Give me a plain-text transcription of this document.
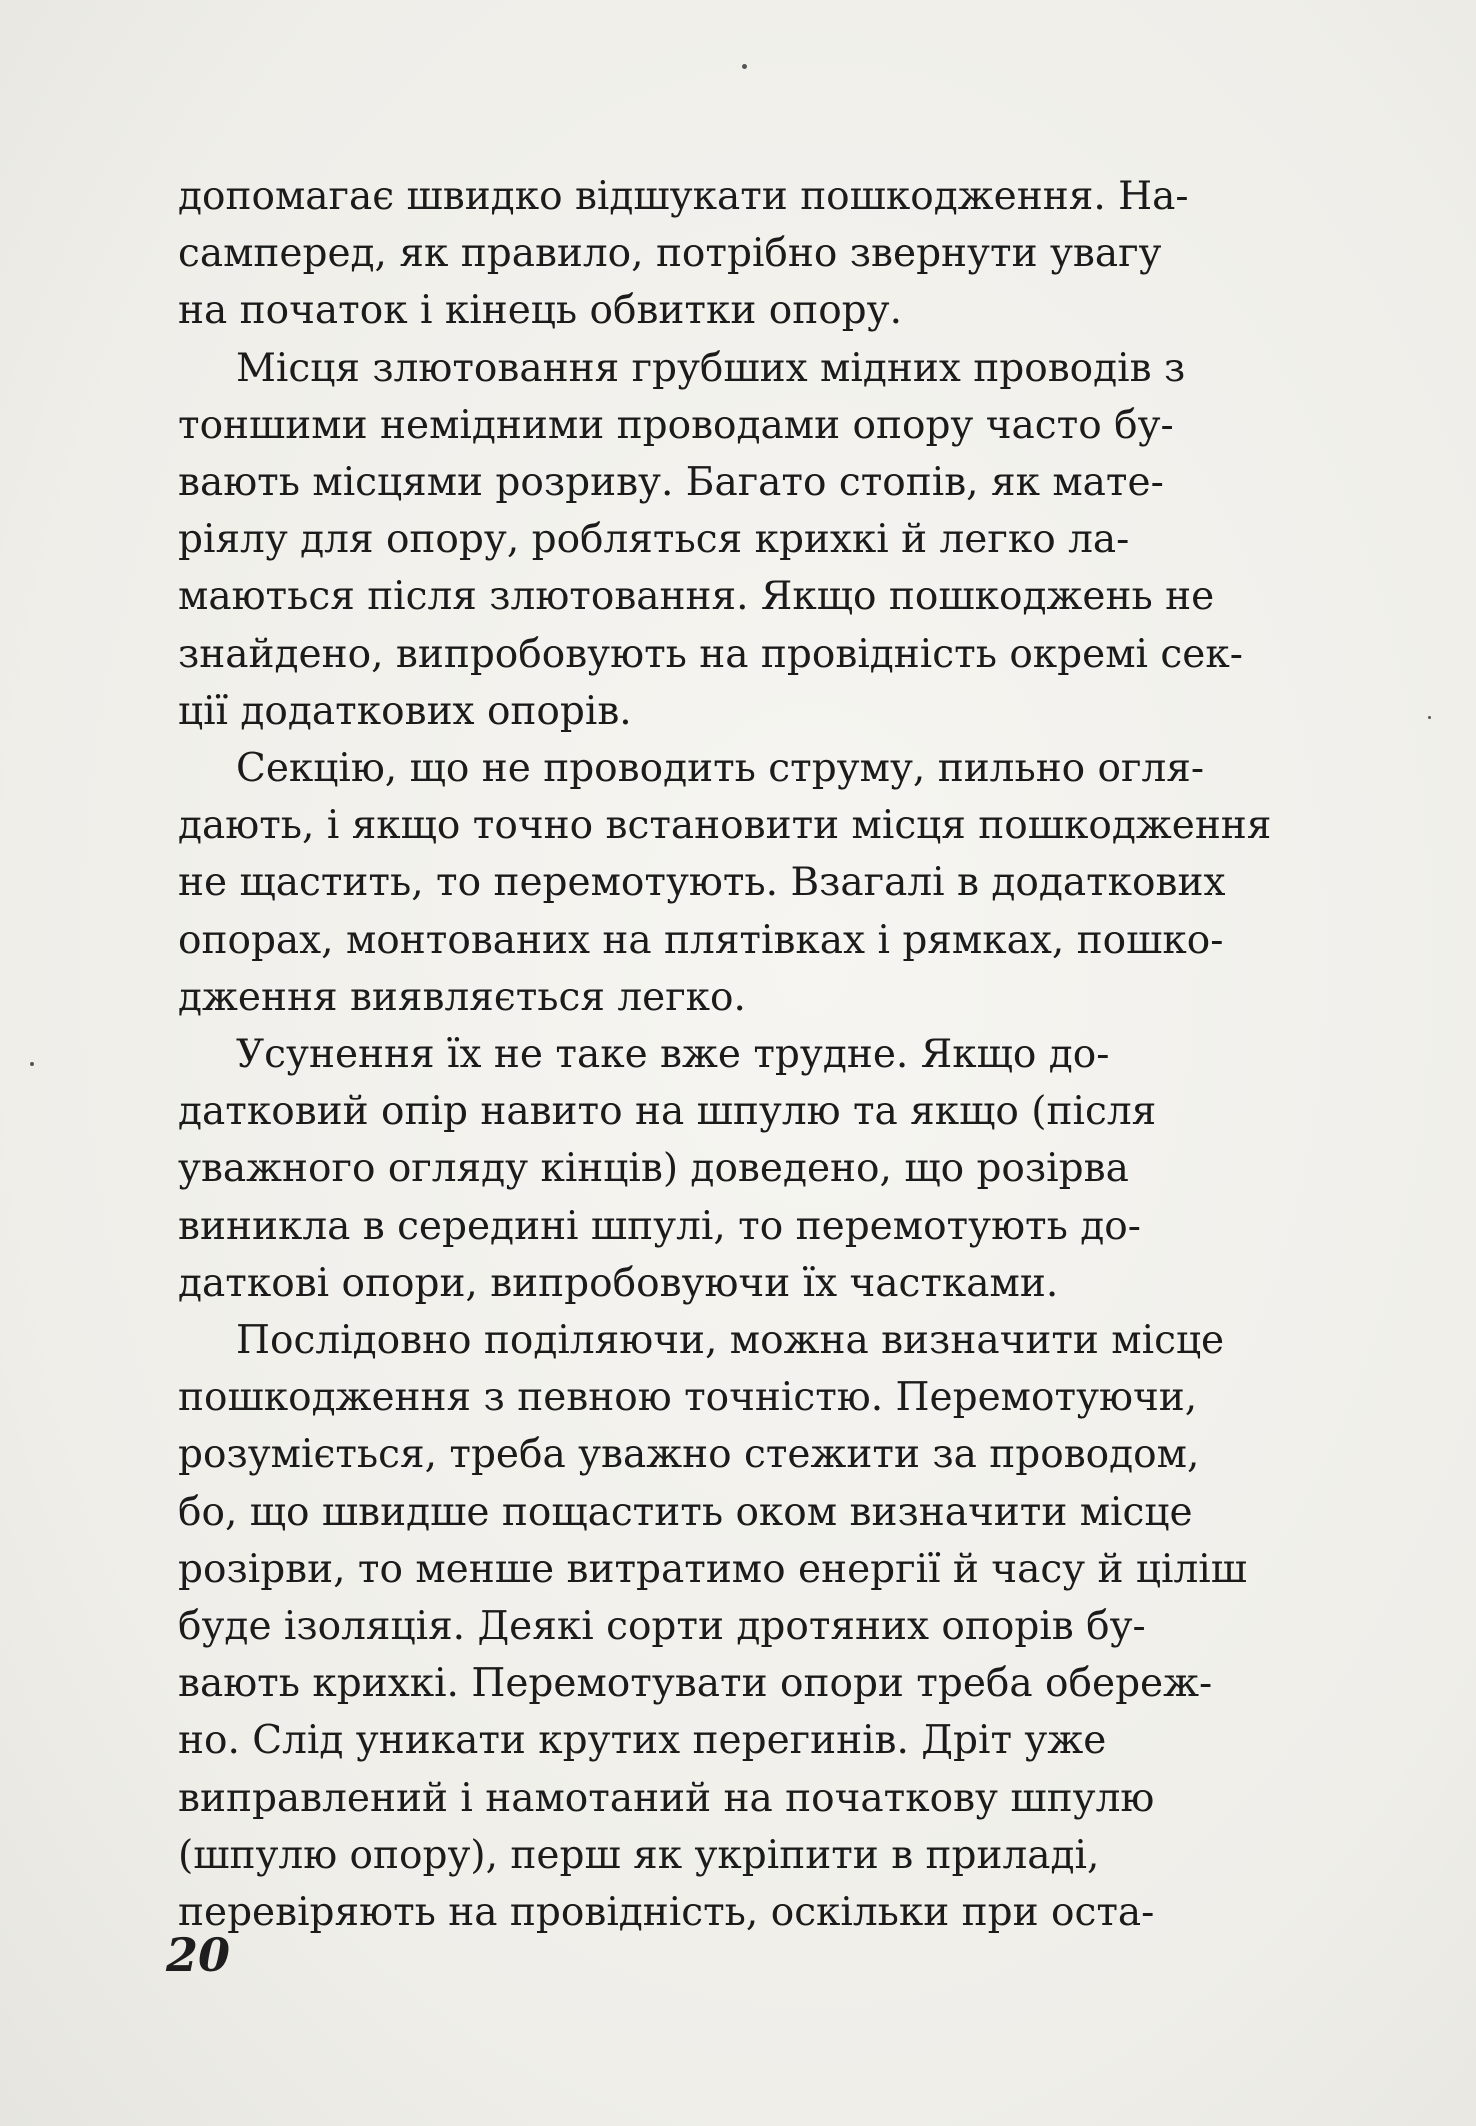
допомагає швидко відшукати пошкодження. На-
самперед, як правило, потрібно звернути увагу
на початок і кінець обвитки опору.

Місця злютовання грубших мідних проводів з
тоншими немідними проводами опору часто бу-
вають місцями розриву. Багато стопів, як мате-
ріялу для опору, робляться крихкі й легко ла-
маються після злютовання. Якщо пошкоджень не
знайдено, випробовують на провідність окремі сек-
ції додаткових опорів.

Секцію, що не проводить струму, пильно огля-
дають, і якщо точно встановити місця пошкодження
не щастить, то перемотують. Взагалі в додаткових
опорах, монтованих на плятівках і рямках, пошко-
дження виявляється легко.

Усунення їх не таке вже трудне. Якщо до-
датковий опір навито на шпулю та якщо (після
уважного огляду кінців) доведено, що розірва
виникла в середині шпулі, то перемотують до-
даткові опори, випробовуючи їх частками.

Послідовно поділяючи, можна визначити місце
пошкодження з певною точністю. Перемотуючи,
розуміється, треба уважно стежити за проводом,
бо, що швидше пощастить оком визначити місце
розірви, то менше витратимо енергії й часу й ціліш
буде ізоляція. Деякі сорти дротяних опорів бу-
вають крихкі. Перемотувати опори треба обереж-
но. Слід уникати крутих перегинів. Дріт уже
виправлений і намотаний на початкову шпулю
(шпулю опору), перш як укріпити в приладі,
перевіряють на провідність, оскільки при оста-

20
